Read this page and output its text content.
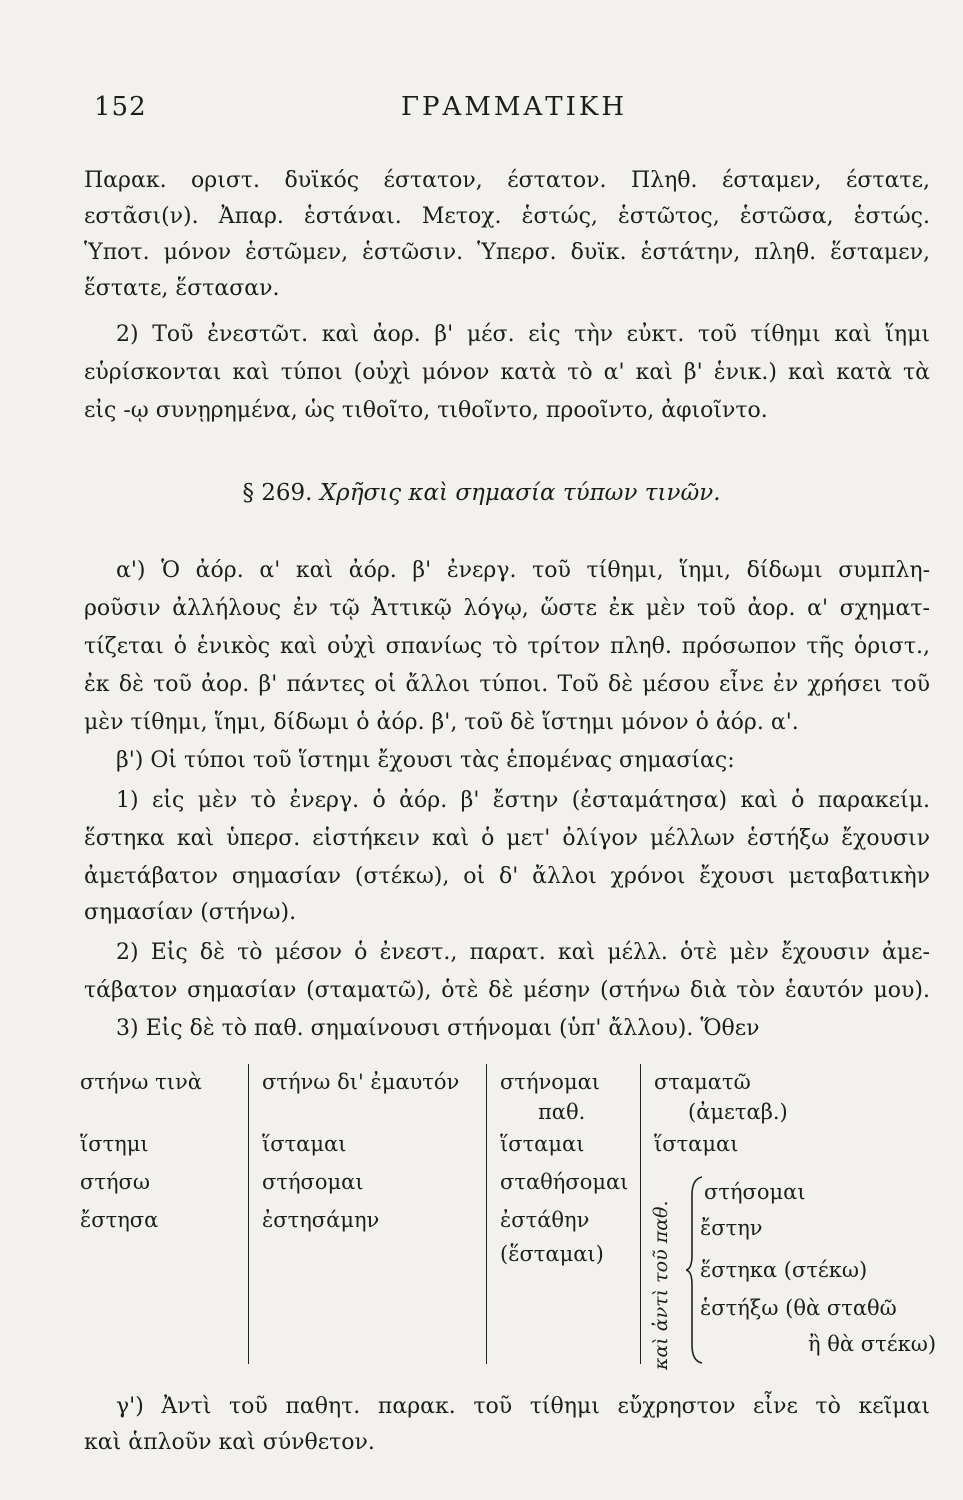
152	ΓΡΑΜΜΑΤΙΚΗ
Παρακ. οριστ. δυϊκός έστατον, έστατον. Πληθ. έσταμεν, έστατε,
εστᾶσι(ν). Ἀπαρ. ἑστάναι. Μετοχ. ἑστώς, ἑστῶτος, ἑστῶσα, ἑστώς.
Ὑποτ. μόνον ἑστῶμεν, ἑστῶσιν. Ὑπερσ. δυϊκ. ἑστάτην, πληθ. ἕσταμεν,
ἕστατε, ἕστασαν.
2) Τοῦ ἐνεστῶτ. καὶ ἀορ. β' μέσ. εἰς τὴν εὐκτ. τοῦ τίθημι καὶ ἵημι
εὑρίσκονται καὶ τύποι (οὐχὶ μόνον κατὰ τὸ α' καὶ β' ἑνικ.) καὶ κατὰ τὰ
εἰς -ῳ συνῃρημένα, ὡς τιθοῖτο, τιθοῖντο, προοῖντο, ἀφιοῖντο.
§ 269. Χρῆσις καὶ σημασία τύπων τινῶν.
α') Ὁ ἀόρ. α' καὶ ἀόρ. β' ἐνεργ. τοῦ τίθημι, ἵημι, δίδωμι συμπλη-
ροῦσιν ἀλλήλους ἐν τῷ Ἀττικῷ λόγῳ, ὥστε ἐκ μὲν τοῦ ἀορ. α' σχηματ-
τίζεται ὁ ἑνικὸς καὶ οὐχὶ σπανίως τὸ τρίτον πληθ. πρόσωπον τῆς ὁριστ.,
ἐκ δὲ τοῦ ἀορ. β' πάντες οἱ ἄλλοι τύποι. Τοῦ δὲ μέσου εἶνε ἐν χρήσει τοῦ
μὲν τίθημι, ἵημι, δίδωμι ὁ ἀόρ. β', τοῦ δὲ ἵστημι μόνον ὁ ἀόρ. α'.
β') Οἱ τύποι τοῦ ἵστημι ἔχουσι τὰς ἑπομένας σημασίας:
1) εἰς μὲν τὸ ἐνεργ. ὁ ἀόρ. β' ἔστην (ἐσταμάτησα) καὶ ὁ παρακείμ.
ἕστηκα καὶ ὑπερσ. εἱστήκειν καὶ ὁ μετ' ὀλίγον μέλλων ἑστήξω ἔχουσιν
ἀμετάβατον σημασίαν (στέκω), οἱ δ' ἄλλοι χρόνοι ἔχουσι μεταβατικὴν
σημασίαν (στήνω).
2) Εἰς δὲ τὸ μέσον ὁ ἐνεστ., παρατ. καὶ μέλλ. ὁτὲ μὲν ἔχουσιν ἀμε-
τάβατον σημασίαν (σταματῶ), ὁτὲ δὲ μέσην (στήνω διὰ τὸν ἑαυτόν μου).
3) Εἰς δὲ τὸ παθ. σημαίνουσι στήνομαι (ὑπ' ἄλλου). Ὅθεν
στήνω τινὰ
ἵστημι
στήσω
ἔστησα
στήνω δι' ἐμαυτόν
ἵσταμαι
στήσομαι
ἐστησάμην
στήνομαι
παθ.
ἵσταμαι
σταθήσομαι
ἐστάθην
(ἕσταμαι)
σταματῶ
(ἀμεταβ.)
ἵσταμαι
καὶ ἀντὶ τοῦ παθ.
στήσομαι
ἔστην
ἕστηκα (στέκω)
ἑστήξω (θὰ σταθῶ
ἢ θὰ στέκω)
γ') Ἀντὶ τοῦ παθητ. παρακ. τοῦ τίθημι εὔχρηστον εἶνε τὸ κεῖμαι
καὶ ἁπλοῦν καὶ σύνθετον.
